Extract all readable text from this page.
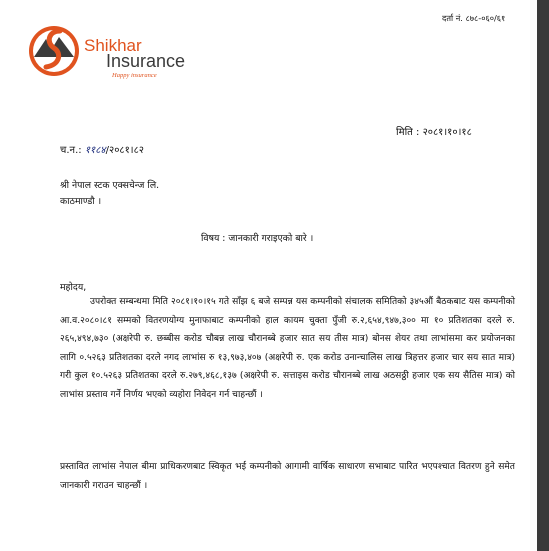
दर्ता नं. ८७८-०६०/६१
Shikhar
Insurance
Happy insurance
मिति : २०८१।१०।१८
च.न.: ११८४/२०८१।८२
श्री नेपाल स्टक एक्सचेन्ज लि.
काठमाण्डौ ।
विषय : जानकारी गराइएको बारे ।
महोदय,
उपरोक्त सम्बन्धमा मिति २०८१।१०।१५ गते साँझ ६ बजे सम्पन्न यस कम्पनीको संचालक समितिको ३४५औं बैठकबाट यस कम्पनीको आ.व.२०८०।८१ सम्मको वितरणयोग्य मुनाफाबाट कम्पनीको हाल कायम चुक्ता पुँजी रु.२,६५४,९४७,३०० मा १० प्रतिशतका दरले रु. २६५,४९४,७३० (अक्षरेपी रु. छब्बीस करोड चौबन्न लाख चौरानब्बे हजार सात सय तीस मात्र) बोनस शेयर तथा लाभांसमा कर प्रयोजनका लागि ०.५२६३ प्रतिशतका दरले नगद लाभांस रु १३,९७३,४०७ (अक्षरेपी रु. एक करोड उनान्चालिस लाख त्रिहत्तर हजार चार सय सात मात्र) गरी कुल १०.५२६३ प्रतिशतका दरले रु.२७९,४६८,१३७ (अक्षरेपी रु. सत्ताइस करोड चौरानब्बे लाख अठसठ्ठी हजार एक सय सैतिस मात्र) को लाभांस प्रस्ताव गर्ने निर्णय भएको व्यहोरा निवेदन गर्न चाहन्छौं ।
प्रस्तावित लाभांस नेपाल बीमा प्राधिकरणबाट स्विकृत भई कम्पनीको आगामी वार्षिक साधारण सभाबाट पारित भएपश्चात वितरण हुने समेत जानकारी गराउन चाहन्छौं ।
